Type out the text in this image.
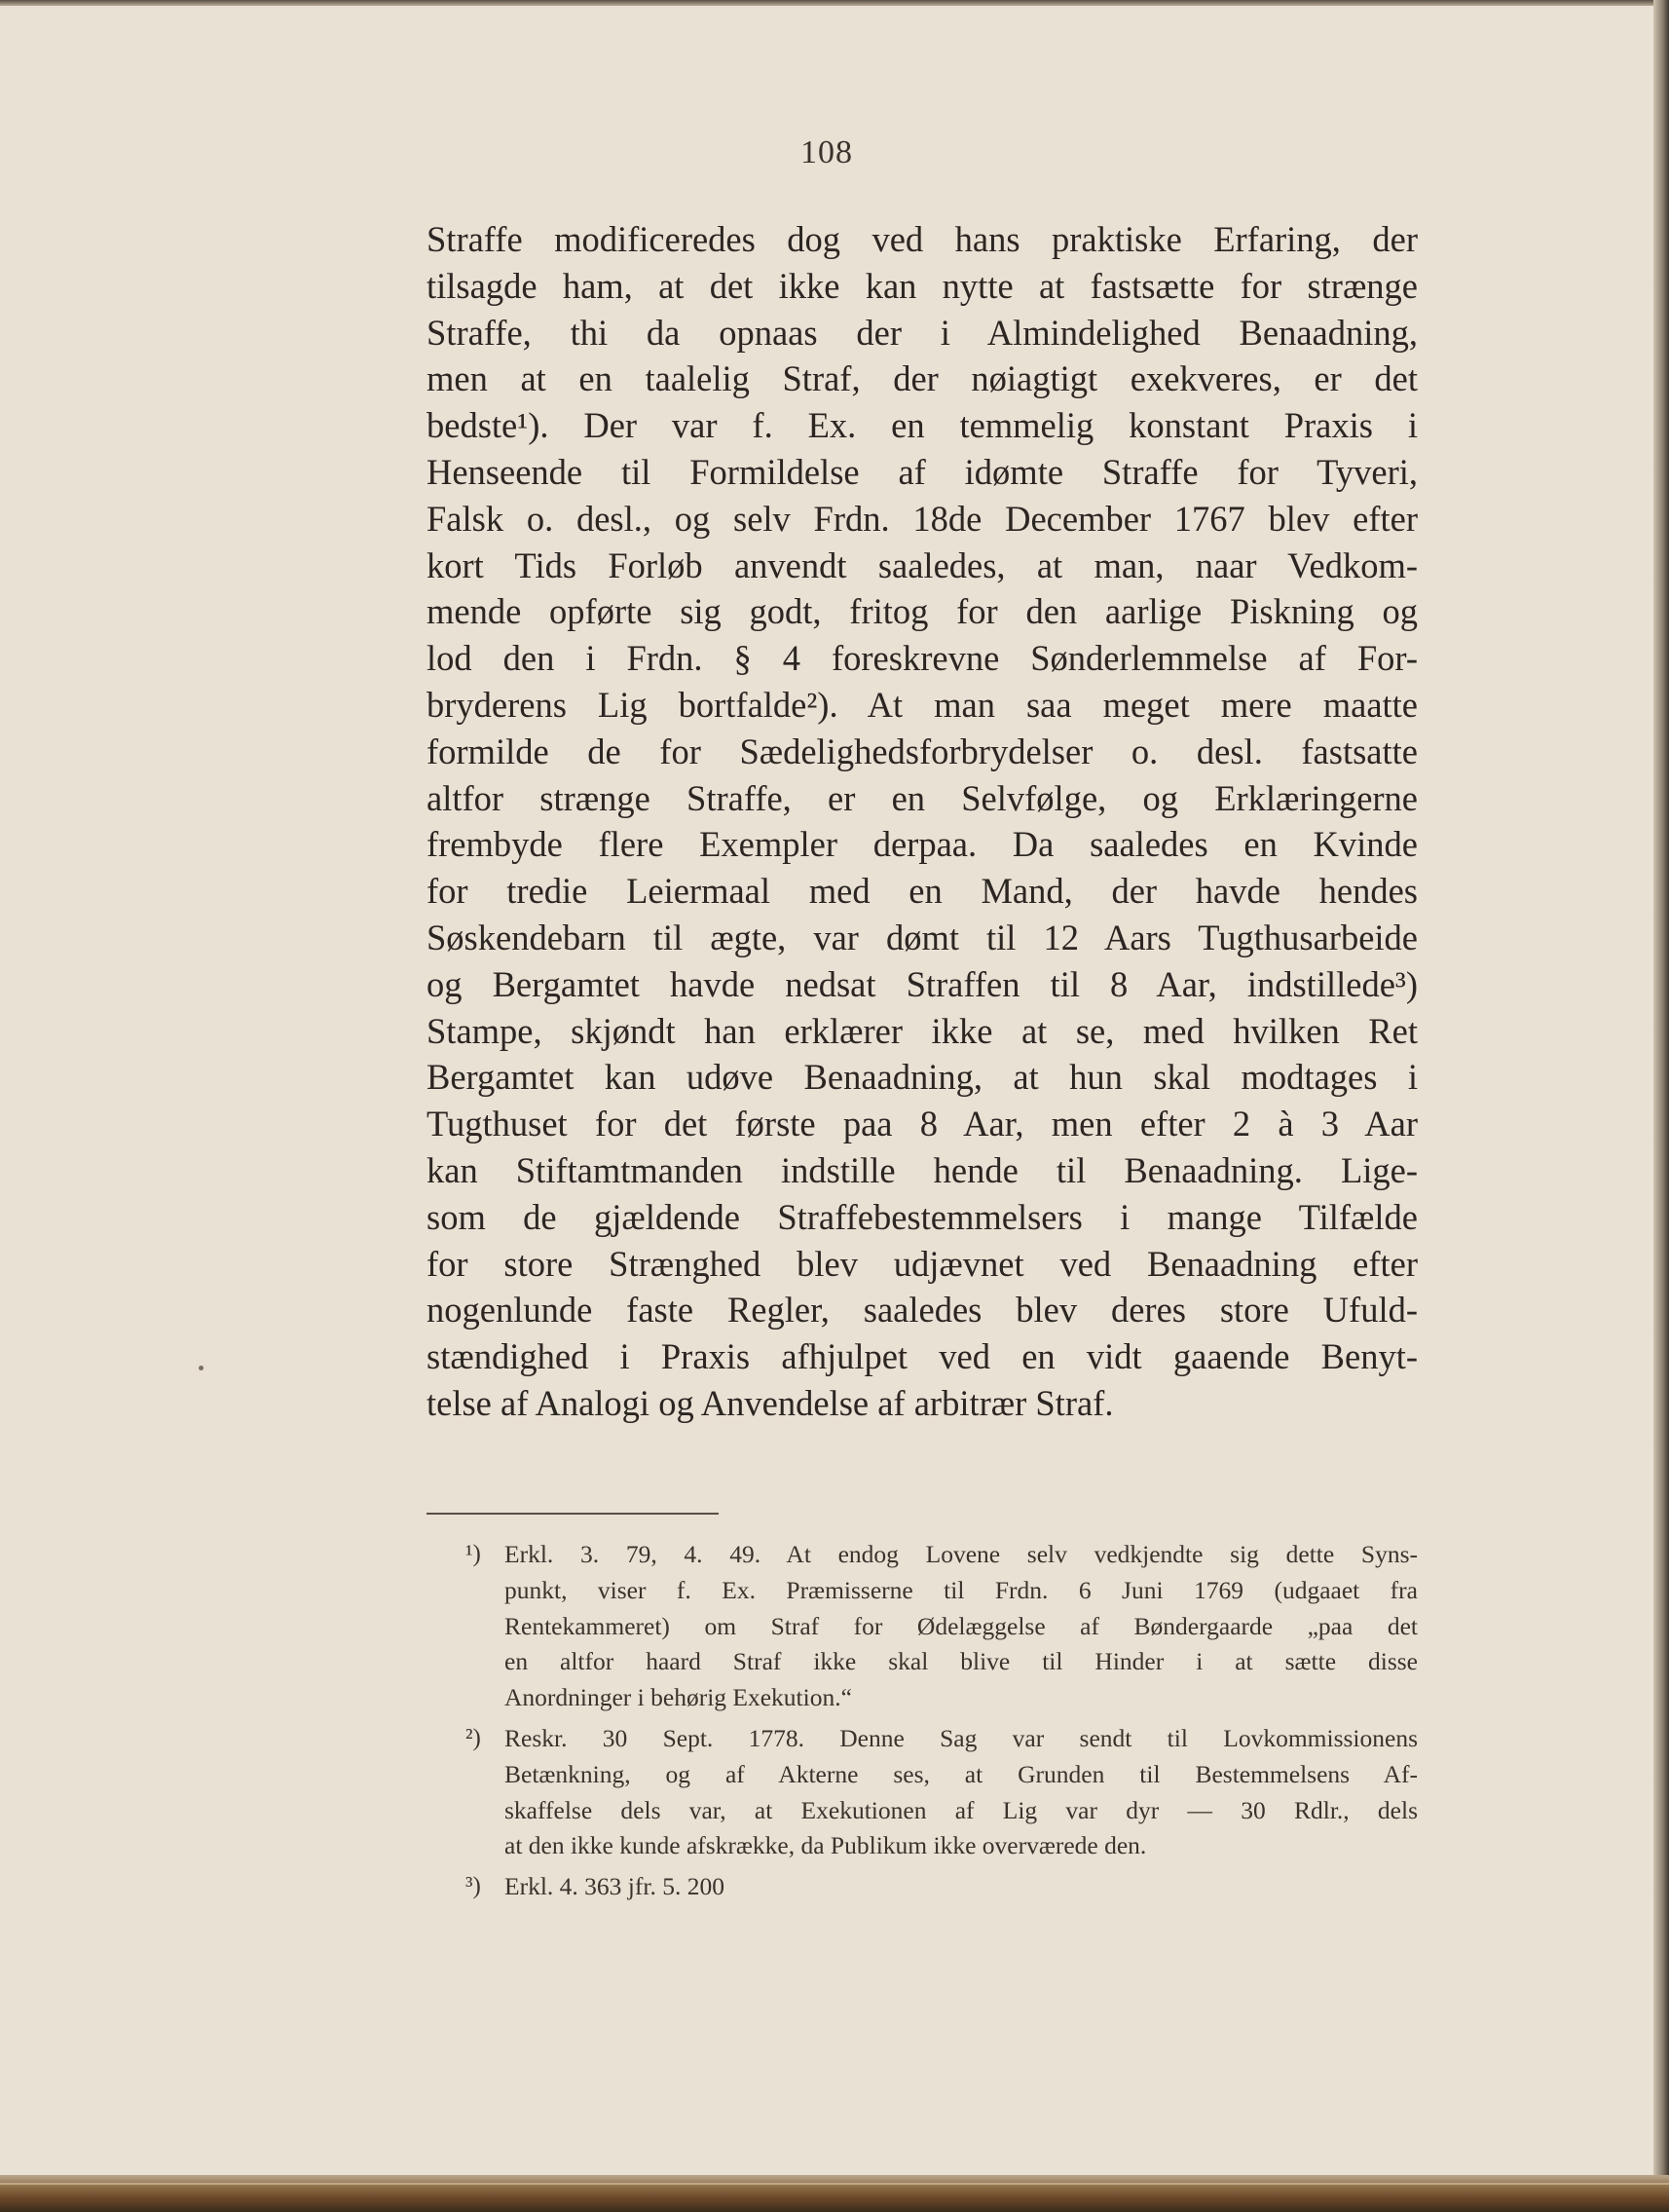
108
Straffe modificeredes dog ved hans praktiske Erfaring, der
tilsagde ham, at det ikke kan nytte at fastsætte for strænge
Straffe, thi da opnaas der i Almindelighed Benaadning,
men at en taalelig Straf, der nøiagtigt exekveres, er det
bedste¹). Der var f. Ex. en temmelig konstant Praxis i
Henseende til Formildelse af idømte Straffe for Tyveri,
Falsk o. desl., og selv Frdn. 18de December 1767 blev efter
kort Tids Forløb anvendt saaledes, at man, naar Vedkom-
mende opførte sig godt, fritog for den aarlige Piskning og
lod den i Frdn. § 4 foreskrevne Sønderlemmelse af For-
bryderens Lig bortfalde²). At man saa meget mere maatte
formilde de for Sædelighedsforbrydelser o. desl. fastsatte
altfor strænge Straffe, er en Selvfølge, og Erklæringerne
frembyde flere Exempler derpaa. Da saaledes en Kvinde
for tredie Leiermaal med en Mand, der havde hendes
Søskendebarn til ægte, var dømt til 12 Aars Tugthusarbeide
og Bergamtet havde nedsat Straffen til 8 Aar, indstillede³)
Stampe, skjøndt han erklærer ikke at se, med hvilken Ret
Bergamtet kan udøve Benaadning, at hun skal modtages i
Tugthuset for det første paa 8 Aar, men efter 2 à 3 Aar
kan Stiftamtmanden indstille hende til Benaadning. Lige-
som de gjældende Straffebestemmelsers i mange Tilfælde
for store Strænghed blev udjævnet ved Benaadning efter
nogenlunde faste Regler, saaledes blev deres store Ufuld-
stændighed i Praxis afhjulpet ved en vidt gaaende Benyt-
telse af Analogi og Anvendelse af arbitrær Straf.
¹) Erkl. 3. 79, 4. 49. At endog Lovene selv vedkjendte sig dette Syns-
punkt, viser f. Ex. Præmisserne til Frdn. 6 Juni 1769 (udgaaet fra
Rentekammeret) om Straf for Ødelæggelse af Bøndergaarde „paa det
en altfor haard Straf ikke skal blive til Hinder i at sætte disse
Anordninger i behørig Exekution.“
²) Reskr. 30 Sept. 1778. Denne Sag var sendt til Lovkommissionens
Betænkning, og af Akterne ses, at Grunden til Bestemmelsens Af-
skaffelse dels var, at Exekutionen af Lig var dyr — 30 Rdlr., dels
at den ikke kunde afskrække, da Publikum ikke overværede den.
³) Erkl. 4. 363 jfr. 5. 200
